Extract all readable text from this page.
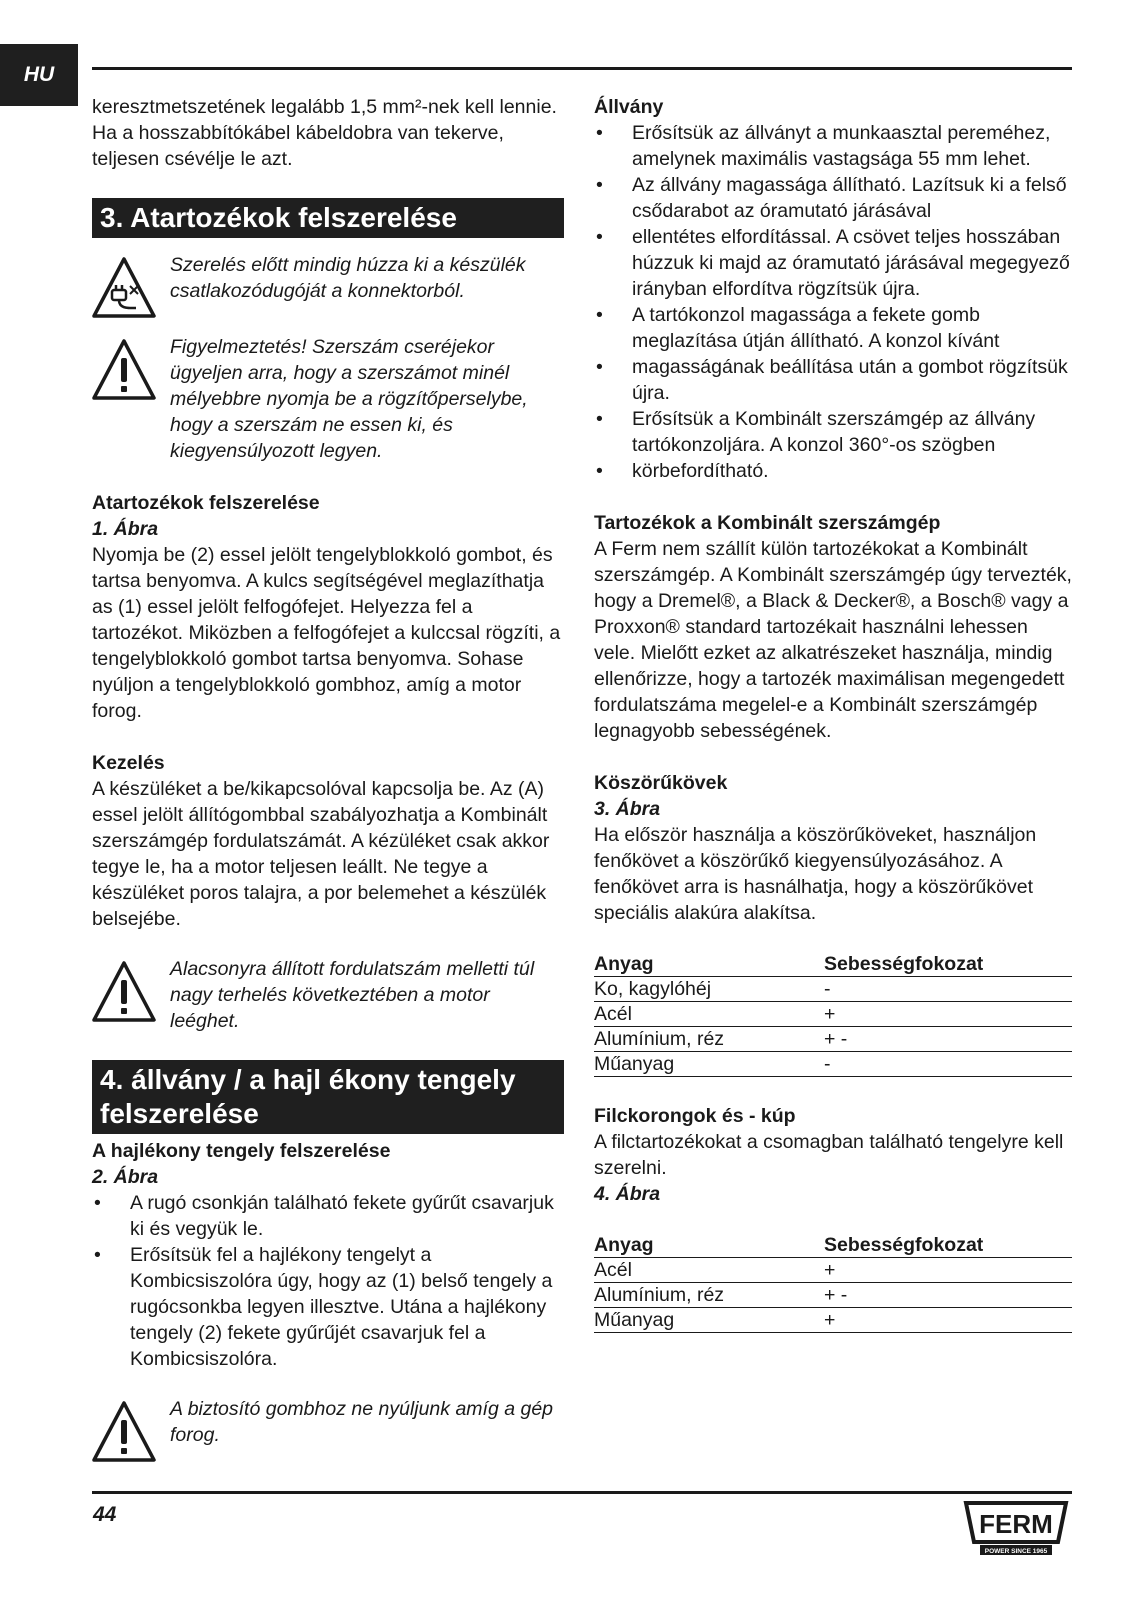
HU

keresztmetszetének legalább 1,5 mm²-nek kell lennie. Ha a hosszabbítókábel kábeldobra van tekerve, teljesen csévélje le azt.

3. Atartozékok felszerelése
Szerelés előtt mindig húzza ki a készülék csatlakozódugóját a konnektorból.
Figyelmeztetés! Szerszám cseréjekor ügyeljen arra, hogy a szerszámot minél mélyebbre nyomja be a rögzítőperselybe, hogy a szerszám ne essen ki, és kiegyensúlyozott legyen.

Atartozékok felszerelése

1. Ábra

Nyomja be (2) essel jelölt tengelyblokkoló gombot, és tartsa benyomva. A kulcs segítségével meglazíthatja as (1) essel jelölt felfogófejet. Helyezza fel a tartozékot. Miközben a felfogófejet a kulccsal rögzíti, a tengelyblokkoló gombot tartsa benyomva. Sohase nyúljon a tengelyblokkoló gombhoz, amíg a motor forog.

Kezelés

A készüléket a be/kikapcsolóval kapcsolja be. Az (A) essel jelölt állítógombbal szabályozhatja a Kombinált szerszámgép fordulatszámát. A kézüléket csak akkor tegye le, ha a motor teljesen leállt. Ne tegye a készüléket poros talajra, a por belemehet a készülék belsejébe.

Alacsonyra állított fordulatszám melletti túl nagy terhelés következtében a motor leéghet.
4. állvány / a hajl ékony tengely felszerelése

A hajlékony tengely felszerelése

2. Ábra

• A rugó csonkján található fekete gyűrűt csavarjuk ki és vegyük le.
• Erősítsük fel a hajlékony tengelyt a Kombicsiszolóra úgy, hogy az (1) belső tengely a rugócsonkba legyen illesztve. Utána a hajlékony tengely (2) fekete gyűrűjét csavarjuk fel a Kombicsiszolóra.
A biztosító gombhoz ne nyúljunk amíg a gép forog.

Állvány

• Erősítsük az állványt a munkaasztal pereméhez, amelynek maximális vastagsága 55 mm lehet.
• Az állvány magassága állítható. Lazítsuk ki a felső csődarabot az óramutató járásával
• ellentétes elfordítással. A csövet teljes hosszában húzzuk ki majd az óramutató járásával megegyező irányban elfordítva rögzítsük újra.
• A tartókonzol magassága a fekete gomb meglazítása útján állítható. A konzol kívánt
• magasságának beállítása után a gombot rögzítsük újra.
• Erősítsük a Kombinált szerszámgép az állvány tartókonzoljára. A konzol 360°-os szögben
• körbefordítható.

Tartozékok a Kombinált szerszámgép

A Ferm nem szállít külön tartozékokat a Kombinált szerszámgép. A Kombinált szerszámgép úgy tervezték, hogy a Dremel®, a Black & Decker®, a Bosch® vagy a Proxxon® standard tartozékait használni lehessen vele. Mielőtt ezket az alkatrészeket használja, mindig ellenőrizze, hogy a tartozék maximálisan megengedett fordulatszáma megelel-e a Kombinált szerszámgép legnagyobb sebességének.

Köszörűkövek

3. Ábra

Ha először használja a köszörűköveket, használjon fenőkövet a köszörűkő kiegyensúlyozásához. A fenőkövet arra is hasnálhatja, hogy a köszörűkövet speciális alakúra alakítsa.

Anyag	Sebességfokozat
Ko, kagylóhéj	-
Acél	+
Alumínium, réz	+ -
Műanyag	-

Filckorongok és - kúp

A filctartozékokat a csomagban található tengelyre kell szerelni.

4. Ábra

Anyag	Sebességfokozat
Acél	+
Alumínium, réz	+ -
Műanyag	+
44	FERM
POWER SINCE 1965
